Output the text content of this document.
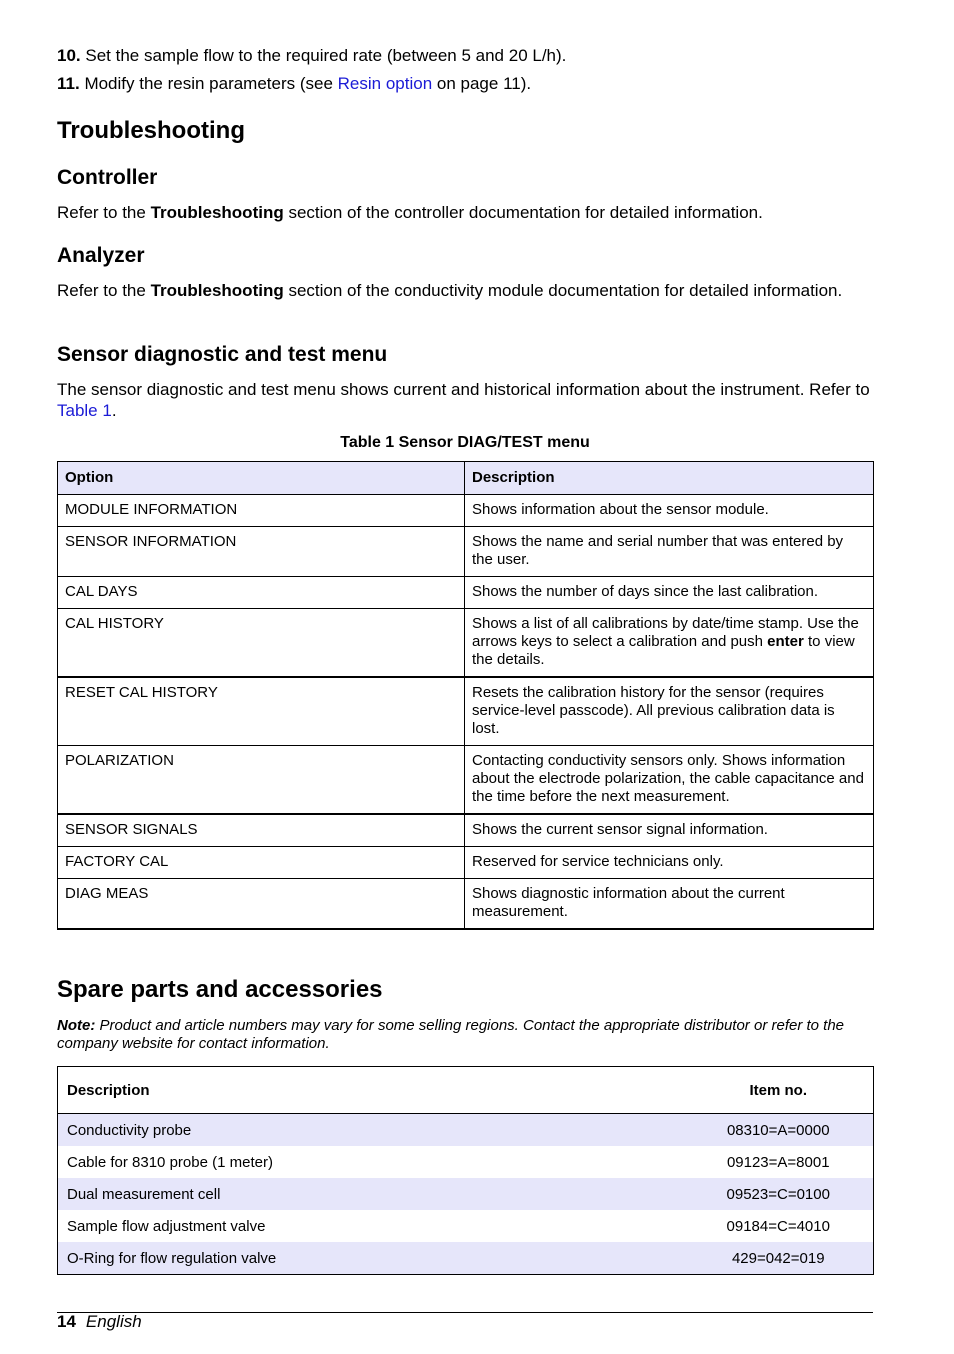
10. Set the sample flow to the required rate (between 5 and 20 L/h).
11. Modify the resin parameters (see Resin option on page 11).
Troubleshooting
Controller

Refer to the Troubleshooting section of the controller documentation for detailed information.

Analyzer

Refer to the Troubleshooting section of the conductivity module documentation for detailed information.

Sensor diagnostic and test menu

The sensor diagnostic and test menu shows current and historical information about the instrument. Refer to Table 1.

Table 1 Sensor DIAG/TEST menu
Option	Description
MODULE INFORMATION	Shows information about the sensor module.
SENSOR INFORMATION	Shows the name and serial number that was entered by the user.
CAL DAYS	Shows the number of days since the last calibration.
CAL HISTORY	Shows a list of all calibrations by date/time stamp. Use the arrows keys to select a calibration and push enter to view the details.
RESET CAL HISTORY	Resets the calibration history for the sensor (requires service-level passcode). All previous calibration data is lost.
POLARIZATION	Contacting conductivity sensors only. Shows information about the electrode polarization, the cable capacitance and the time before the next measurement.
SENSOR SIGNALS	Shows the current sensor signal information.
FACTORY CAL	Reserved for service technicians only.
DIAG MEAS	Shows diagnostic information about the current measurement.
Spare parts and accessories
Note: Product and article numbers may vary for some selling regions. Contact the appropriate distributor or refer to the company website for contact information.
Description	Item no.
Conductivity probe	08310=A=0000
Cable for 8310 probe (1 meter)	09123=A=8001
Dual measurement cell	09523=C=0100
Sample flow adjustment valve	09184=C=4010
O-Ring for flow regulation valve	429=042=019
14 English
